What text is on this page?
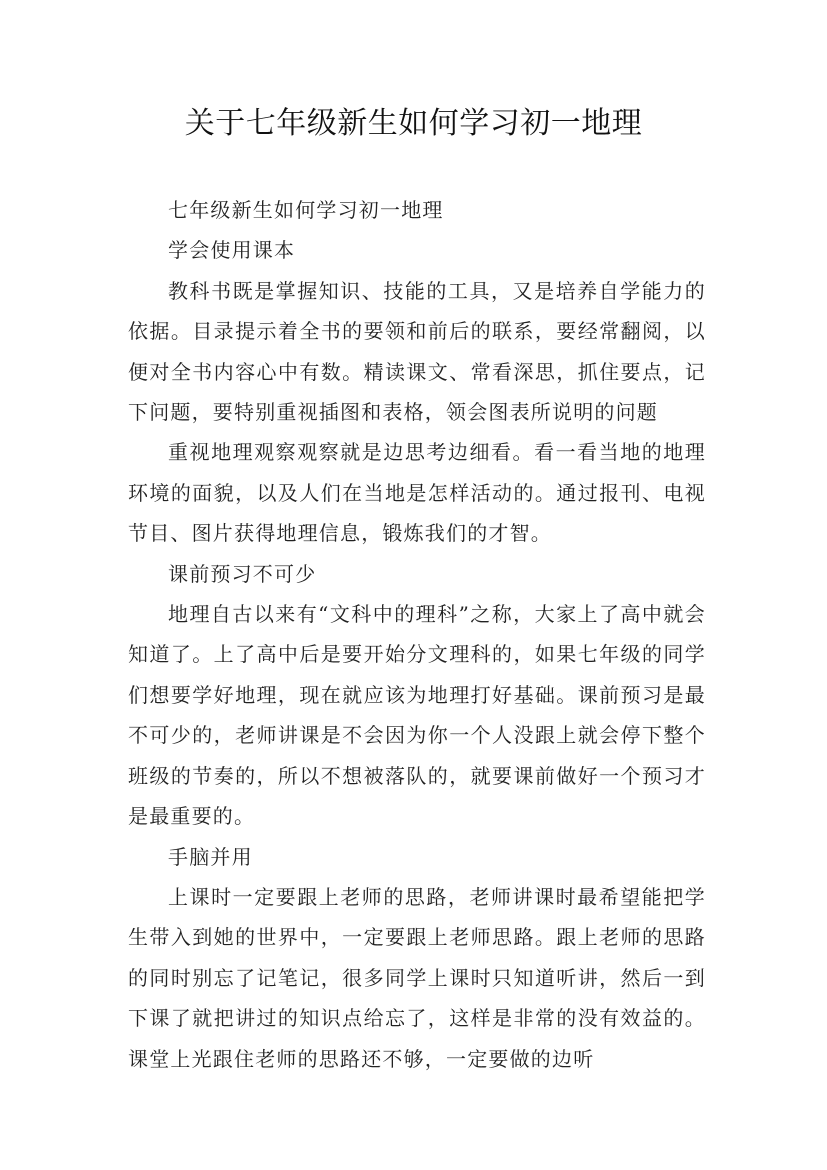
关于七年级新生如何学习初一地理

七年级新生如何学习初一地理

学会使用课本

教科书既是掌握知识、技能的工具，又是培养自学能力的依据。目录提示着全书的要领和前后的联系，要经常翻阅，以便对全书内容心中有数。精读课文、常看深思，抓住要点，记下问题，要特别重视插图和表格，领会图表所说明的问题

重视地理观察观察就是边思考边细看。看一看当地的地理环境的面貌，以及人们在当地是怎样活动的。通过报刊、电视节目、图片获得地理信息，锻炼我们的才智。

课前预习不可少

地理自古以来有“文科中的理科”之称，大家上了高中就会知道了。上了高中后是要开始分文理科的，如果七年级的同学们想要学好地理，现在就应该为地理打好基础。课前预习是最不可少的，老师讲课是不会因为你一个人没跟上就会停下整个班级的节奏的，所以不想被落队的，就要课前做好一个预习才是最重要的。

手脑并用

上课时一定要跟上老师的思路，老师讲课时最希望能把学生带入到她的世界中，一定要跟上老师思路。跟上老师的思路的同时别忘了记笔记，很多同学上课时只知道听讲，然后一到下课了就把讲过的知识点给忘了，这样是非常的没有效益的。课堂上光跟住老师的思路还不够，一定要做的边听
